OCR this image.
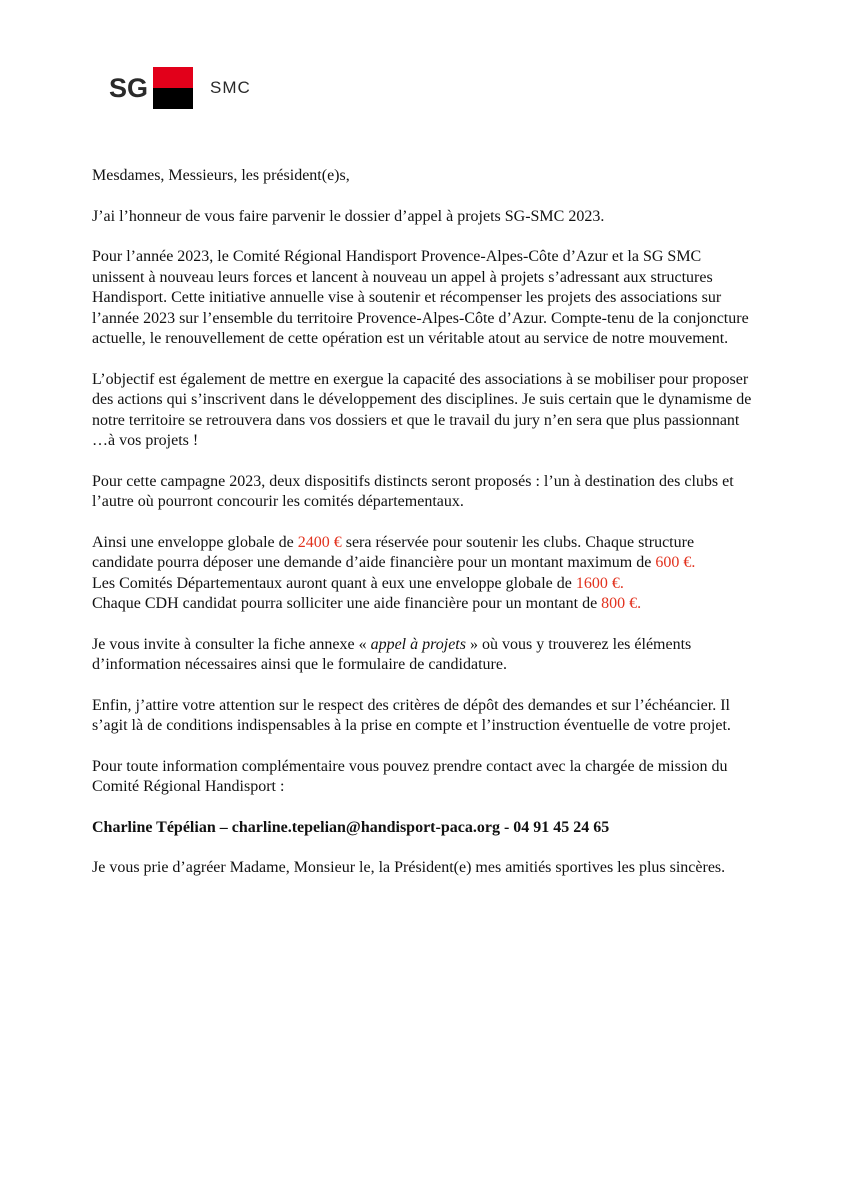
SG	SMC

Mesdames, Messieurs, les président(e)s,

J’ai l’honneur de vous faire parvenir le dossier d’appel à projets SG-SMC 2023.

Pour l’année 2023, le Comité Régional Handisport Provence-Alpes-Côte d’Azur et la SG SMC unissent à nouveau leurs forces et lancent à nouveau un appel à projets s’adressant aux structures Handisport. Cette initiative annuelle vise à soutenir et récompenser les projets des associations sur l’année 2023 sur l’ensemble du territoire Provence-Alpes-Côte d’Azur. Compte-tenu de la conjoncture actuelle, le renouvellement de cette opération est un véritable atout au service de notre mouvement.

L’objectif est également de mettre en exergue la capacité des associations à se mobiliser pour proposer des actions qui s’inscrivent dans le développement des disciplines. Je suis certain que le dynamisme de notre territoire se retrouvera dans vos dossiers et que le travail du jury n’en sera que plus passionnant …à vos projets !

Pour cette campagne 2023, deux dispositifs distincts seront proposés : l’un à destination des clubs et l’autre où pourront concourir les comités départementaux.

Ainsi une enveloppe globale de 2400 € sera réservée pour soutenir les clubs. Chaque structure candidate pourra déposer une demande d’aide financière pour un montant maximum de 600 €.
Les Comités Départementaux auront quant à eux une enveloppe globale de 1600 €.
Chaque CDH candidat pourra solliciter une aide financière pour un montant de 800 €.

Je vous invite à consulter la fiche annexe « appel à projets » où vous y trouverez les éléments d’information nécessaires ainsi que le formulaire de candidature.

Enfin, j’attire votre attention sur le respect des critères de dépôt des demandes et sur l’échéancier. Il s’agit là de conditions indispensables à la prise en compte et l’instruction éventuelle de votre projet.

Pour toute information complémentaire vous pouvez prendre contact avec la chargée de mission du Comité Régional Handisport :

Charline Tépélian – charline.tepelian@handisport-paca.org - 04 91 45 24 65

Je vous prie d’agréer Madame, Monsieur le, la Président(e) mes amitiés sportives les plus sincères.
